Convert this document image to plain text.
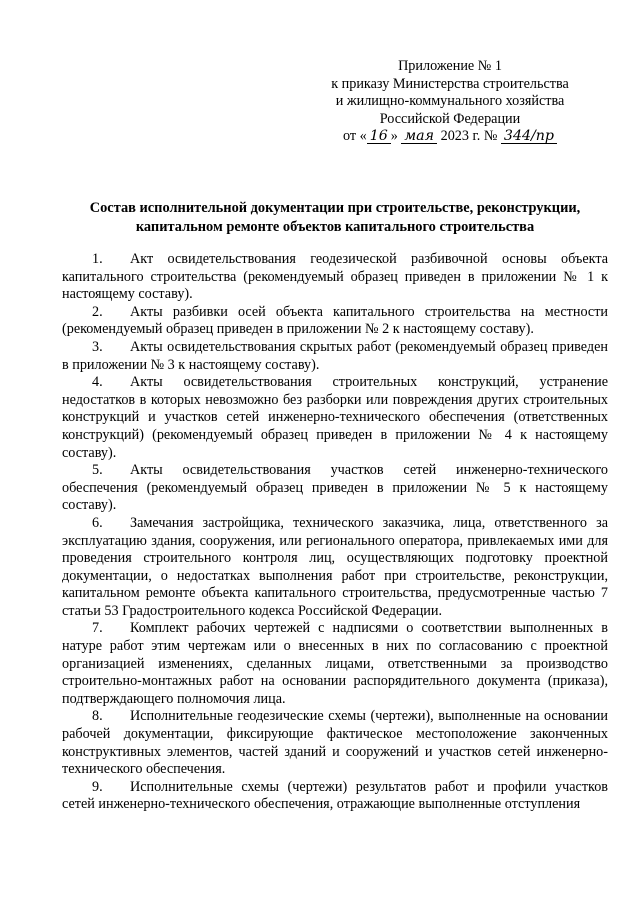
Приложение № 1
к приказу Министерства строительства
и жилищно-коммунального хозяйства
Российской Федерации
от « 16 » мая 2023 г. № 344/пр
Состав исполнительной документации при строительстве, реконструкции, капитальном ремонте объектов капитального строительства

1. Акт освидетельствования геодезической разбивочной основы объекта капитального строительства (рекомендуемый образец приведен в приложении № 1 к настоящему составу).

2. Акты разбивки осей объекта капитального строительства на местности (рекомендуемый образец приведен в приложении № 2 к настоящему составу).

3. Акты освидетельствования скрытых работ (рекомендуемый образец приведен в приложении № 3 к настоящему составу).

4. Акты освидетельствования строительных конструкций, устранение недостатков в которых невозможно без разборки или повреждения других строительных конструкций и участков сетей инженерно-технического обеспечения (ответственных конструкций) (рекомендуемый образец приведен в приложении № 4 к настоящему составу).

5. Акты освидетельствования участков сетей инженерно-технического обеспечения (рекомендуемый образец приведен в приложении № 5 к настоящему составу).

6. Замечания застройщика, технического заказчика, лица, ответственного за эксплуатацию здания, сооружения, или регионального оператора, привлекаемых ими для проведения строительного контроля лиц, осуществляющих подготовку проектной документации, о недостатках выполнения работ при строительстве, реконструкции, капитальном ремонте объекта капитального строительства, предусмотренные частью 7 статьи 53 Градостроительного кодекса Российской Федерации.

7. Комплект рабочих чертежей с надписями о соответствии выполненных в натуре работ этим чертежам или о внесенных в них по согласованию с проектной организацией изменениях, сделанных лицами, ответственными за производство строительно-монтажных работ на основании распорядительного документа (приказа), подтверждающего полномочия лица.

8. Исполнительные геодезические схемы (чертежи), выполненные на основании рабочей документации, фиксирующие фактическое местоположение законченных конструктивных элементов, частей зданий и сооружений и участков сетей инженерно-технического обеспечения.

9. Исполнительные схемы (чертежи) результатов работ и профили участков сетей инженерно-технического обеспечения, отражающие выполненные отступления
